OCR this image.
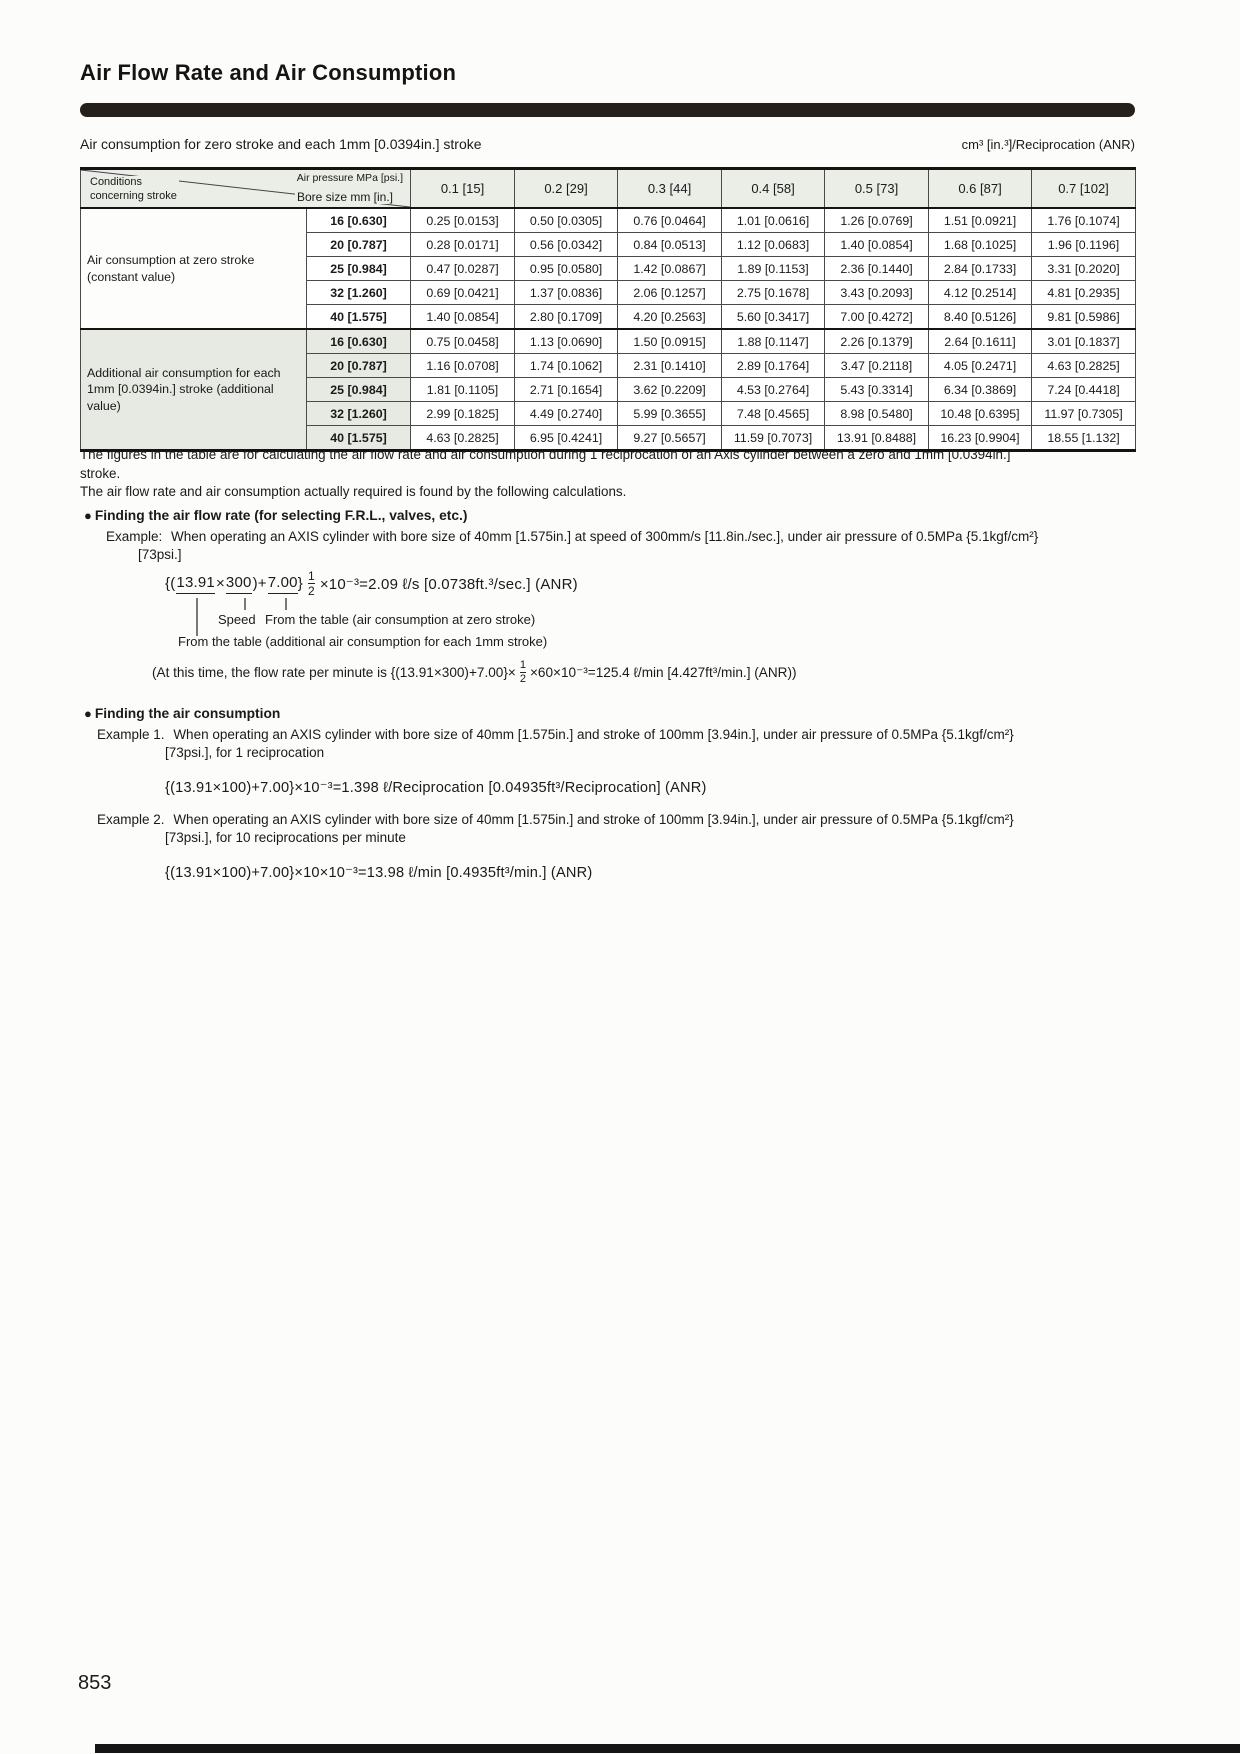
Air Flow Rate and Air Consumption
Air consumption for zero stroke and each 1mm [0.0394in.] stroke	cm³ [in.³]/Reciprocation (ANR)
Air pressure MPa [psi.]
Conditions
concerning stroke Bore size mm [in.]		0.1 [15]	0.2 [29]	0.3 [44]	0.4 [58]	0.5 [73]	0.6 [87]	0.7 [102]
Air consumption at zero stroke (constant value)	16 [0.630]	0.25 [0.0153]	0.50 [0.0305]	0.76 [0.0464]	1.01 [0.0616]	1.26 [0.0769]	1.51 [0.0921]	1.76 [0.1074]
	20 [0.787]	0.28 [0.0171]	0.56 [0.0342]	0.84 [0.0513]	1.12 [0.0683]	1.40 [0.0854]	1.68 [0.1025]	1.96 [0.1196]
	25 [0.984]	0.47 [0.0287]	0.95 [0.0580]	1.42 [0.0867]	1.89 [0.1153]	2.36 [0.1440]	2.84 [0.1733]	3.31 [0.2020]
	32 [1.260]	0.69 [0.0421]	1.37 [0.0836]	2.06 [0.1257]	2.75 [0.1678]	3.43 [0.2093]	4.12 [0.2514]	4.81 [0.2935]
	40 [1.575]	1.40 [0.0854]	2.80 [0.1709]	4.20 [0.2563]	5.60 [0.3417]	7.00 [0.4272]	8.40 [0.5126]	9.81 [0.5986]
Additional air consumption for each 1mm [0.0394in.] stroke (additional value)	16 [0.630]	0.75 [0.0458]	1.13 [0.0690]	1.50 [0.0915]	1.88 [0.1147]	2.26 [0.1379]	2.64 [0.1611]	3.01 [0.1837]
	20 [0.787]	1.16 [0.0708]	1.74 [0.1062]	2.31 [0.1410]	2.89 [0.1764]	3.47 [0.2118]	4.05 [0.2471]	4.63 [0.2825]
	25 [0.984]	1.81 [0.1105]	2.71 [0.1654]	3.62 [0.2209]	4.53 [0.2764]	5.43 [0.3314]	6.34 [0.3869]	7.24 [0.4418]
	32 [1.260]	2.99 [0.1825]	4.49 [0.2740]	5.99 [0.3655]	7.48 [0.4565]	8.98 [0.5480]	10.48 [0.6395]	11.97 [0.7305]
	40 [1.575]	4.63 [0.2825]	6.95 [0.4241]	9.27 [0.5657]	11.59 [0.7073]	13.91 [0.8488]	16.23 [0.9904]	18.55 [1.132]
The figures in the table are for calculating the air flow rate and air consumption during 1 reciprocation of an Axis cylinder between a zero and 1mm [0.0394in.]
stroke.
The air flow rate and air consumption actually required is found by the following calculations.
● Finding the air flow rate (for selecting F.R.L., valves, etc.)
Example: When operating an AXIS cylinder with bore size of 40mm [1.575in.] at speed of 300mm/s [11.8in./sec.], under air pressure of 0.5MPa {5.1kgf/cm²}
[73psi.]
{( 13.91 × 300 )+ 7.00 } $\frac{1}{2} \times 10^{-3}=2.09$ ℓ/s [0.0738ft.³/sec.] (ANR)
Speed From the table (air consumption at zero stroke)
From the table (additional air consumption for each 1mm stroke)
(At this time, the flow rate per minute is $\{(13.91\times 300)+7.00\}\times \frac{1}{2} \times 60\times 10^{-3}=125.4$ ℓ/min [4.427ft³/min.] (ANR))
● Finding the air consumption
Example 1. When operating an AXIS cylinder with bore size of 40mm [1.575in.] and stroke of 100mm [3.94in.], under air pressure of 0.5MPa {5.1kgf/cm²}
[73psi.], for 1 reciprocation
{(13.91×100)+7.00}×10⁻³=1.398 ℓ/Reciprocation [0.04935ft³/Reciprocation] (ANR)
Example 2. When operating an AXIS cylinder with bore size of 40mm [1.575in.] and stroke of 100mm [3.94in.], under air pressure of 0.5MPa {5.1kgf/cm²}
[73psi.], for 10 reciprocations per minute
{(13.91×100)+7.00}×10×10⁻³=13.98 ℓ/min [0.4935ft³/min.] (ANR)
853
